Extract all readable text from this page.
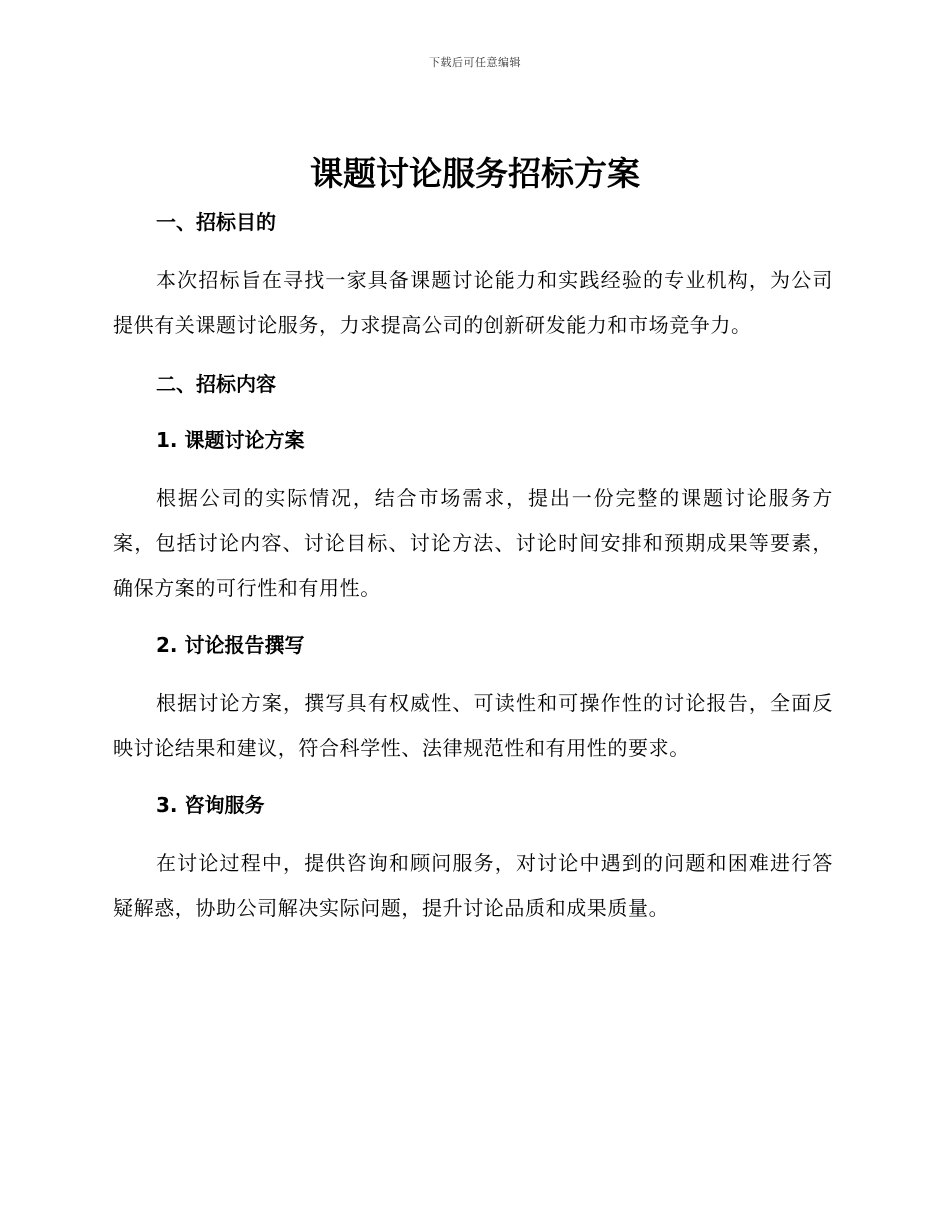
下载后可任意编辑
课题讨论服务招标方案
一、招标目的

本次招标旨在寻找一家具备课题讨论能力和实践经验的专业机构，为公司提供有关课题讨论服务，力求提高公司的创新研发能力和市场竞争力。

二、招标内容
1. 课题讨论方案

根据公司的实际情况，结合市场需求，提出一份完整的课题讨论服务方案，包括讨论内容、讨论目标、讨论方法、讨论时间安排和预期成果等要素，确保方案的可行性和有用性。

2. 讨论报告撰写

根据讨论方案，撰写具有权威性、可读性和可操作性的讨论报告，全面反映讨论结果和建议，符合科学性、法律规范性和有用性的要求。

3. 咨询服务

在讨论过程中，提供咨询和顾问服务，对讨论中遇到的问题和困难进行答疑解惑，协助公司解决实际问题，提升讨论品质和成果质量。
